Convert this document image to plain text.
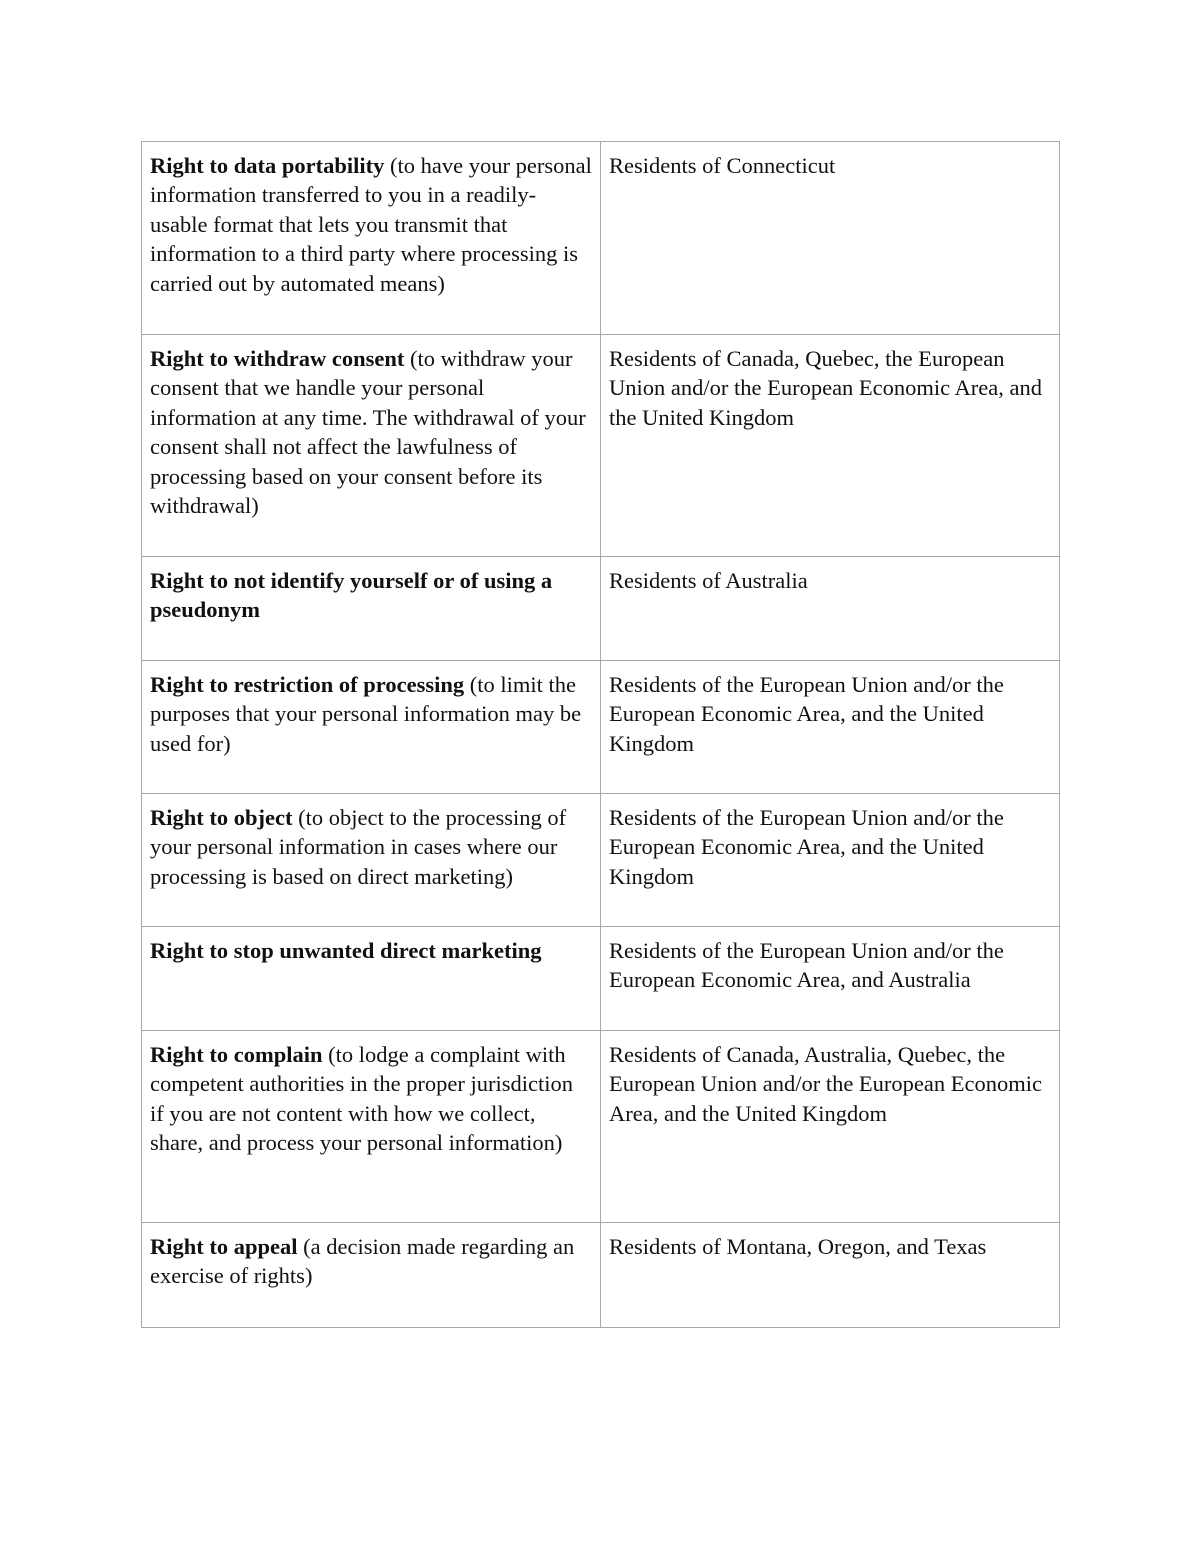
Right to data portability (to have your personal information transferred to you in a readily-usable format that lets you transmit that information to a third party where processing is carried out by automated means)	Residents of Connecticut
Right to withdraw consent (to withdraw your consent that we handle your personal information at any time. The withdrawal of your consent shall not affect the lawfulness of processing based on your consent before its withdrawal)	Residents of Canada, Quebec, the European Union and/or the European Economic Area, and the United Kingdom
Right to not identify yourself or of using a pseudonym	Residents of Australia
Right to restriction of processing (to limit the purposes that your personal information may be used for)	Residents of the European Union and/or the European Economic Area, and the United Kingdom
Right to object (to object to the processing of your personal information in cases where our processing is based on direct marketing)	Residents of the European Union and/or the European Economic Area, and the United Kingdom
Right to stop unwanted direct marketing	Residents of the European Union and/or the European Economic Area, and Australia
Right to complain (to lodge a complaint with competent authorities in the proper jurisdiction if you are not content with how we collect, share, and process your personal information)	Residents of Canada, Australia, Quebec, the European Union and/or the European Economic Area, and the United Kingdom
Right to appeal (a decision made regarding an exercise of rights)	Residents of Montana, Oregon, and Texas
